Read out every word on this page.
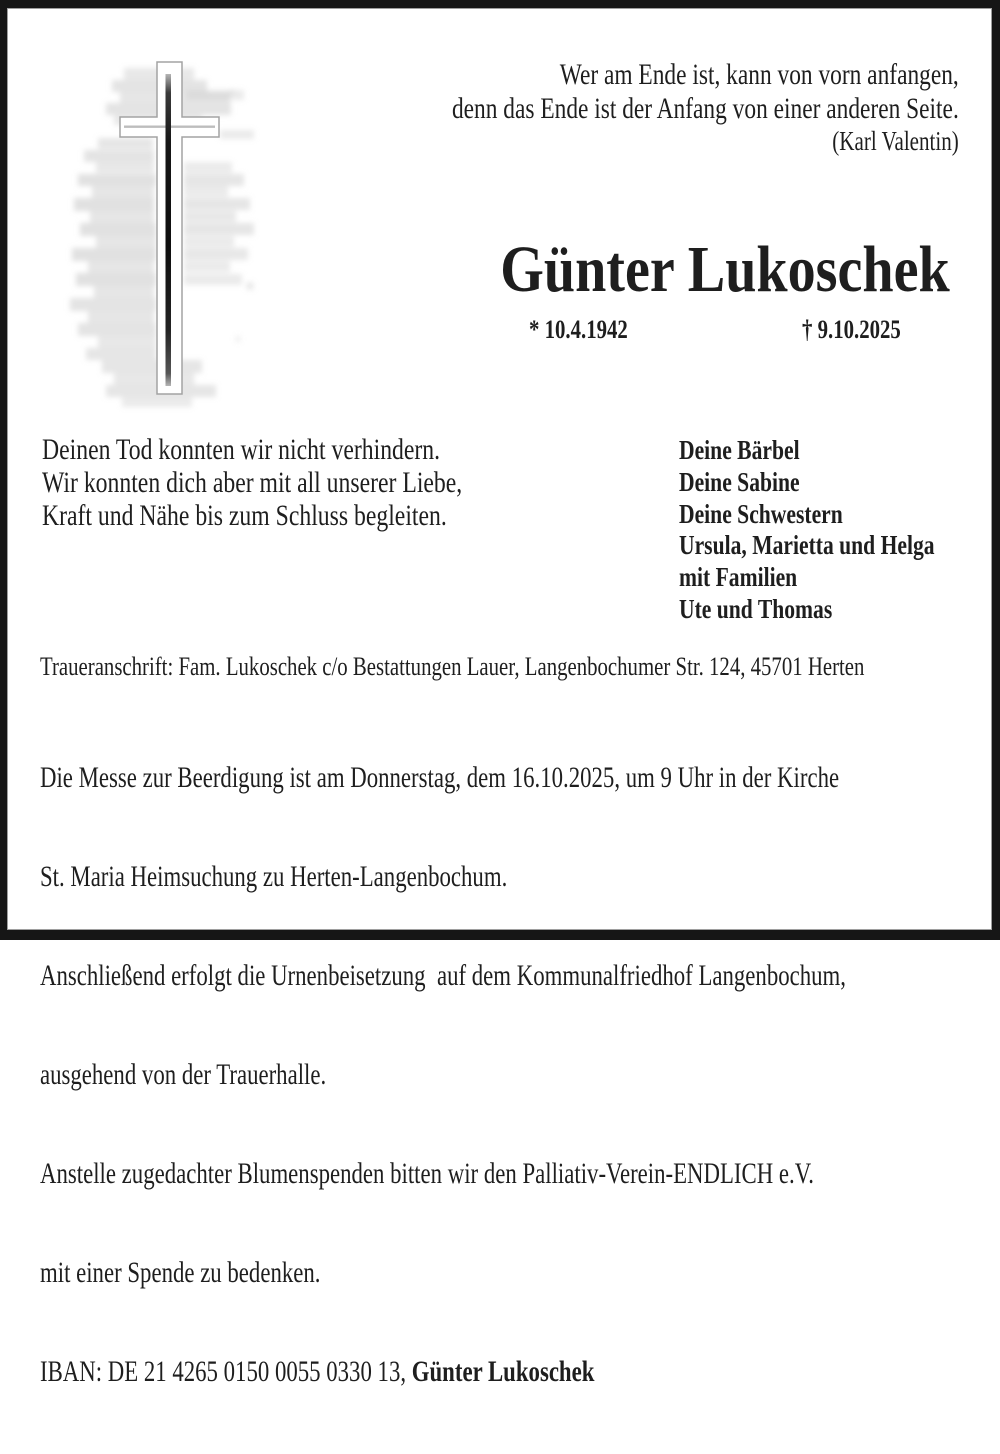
Wer am Ende ist, kann von vorn anfangen,
denn das Ende ist der Anfang von einer anderen Seite.
(Karl Valentin)
Günter Lukoschek
* 10.4.1942	† 9.10.2025
Deinen Tod konnten wir nicht verhindern.
Wir konnten dich aber mit all unserer Liebe,
Kraft und Nähe bis zum Schluss begleiten.
Deine Bärbel
Deine Sabine
Deine Schwestern
Ursula, Marietta und Helga
mit Familien
Ute und Thomas
Traueranschrift: Fam. Lukoschek c/o Bestattungen Lauer, Langenbochumer Str. 124, 45701 Herten

Die Messe zur Beerdigung ist am Donnerstag, dem 16.10.2025, um 9 Uhr in der Kirche

St. Maria Heimsuchung zu Herten-Langenbochum.

Anschließend erfolgt die Urnenbeisetzung  auf dem Kommunalfriedhof Langenbochum,

ausgehend von der Trauerhalle.

Anstelle zugedachter Blumenspenden bitten wir den Palliativ-Verein-ENDLICH e.V.

mit einer Spende zu bedenken.

IBAN: DE 21 4265 0150 0055 0330 13, Günter Lukoschek
